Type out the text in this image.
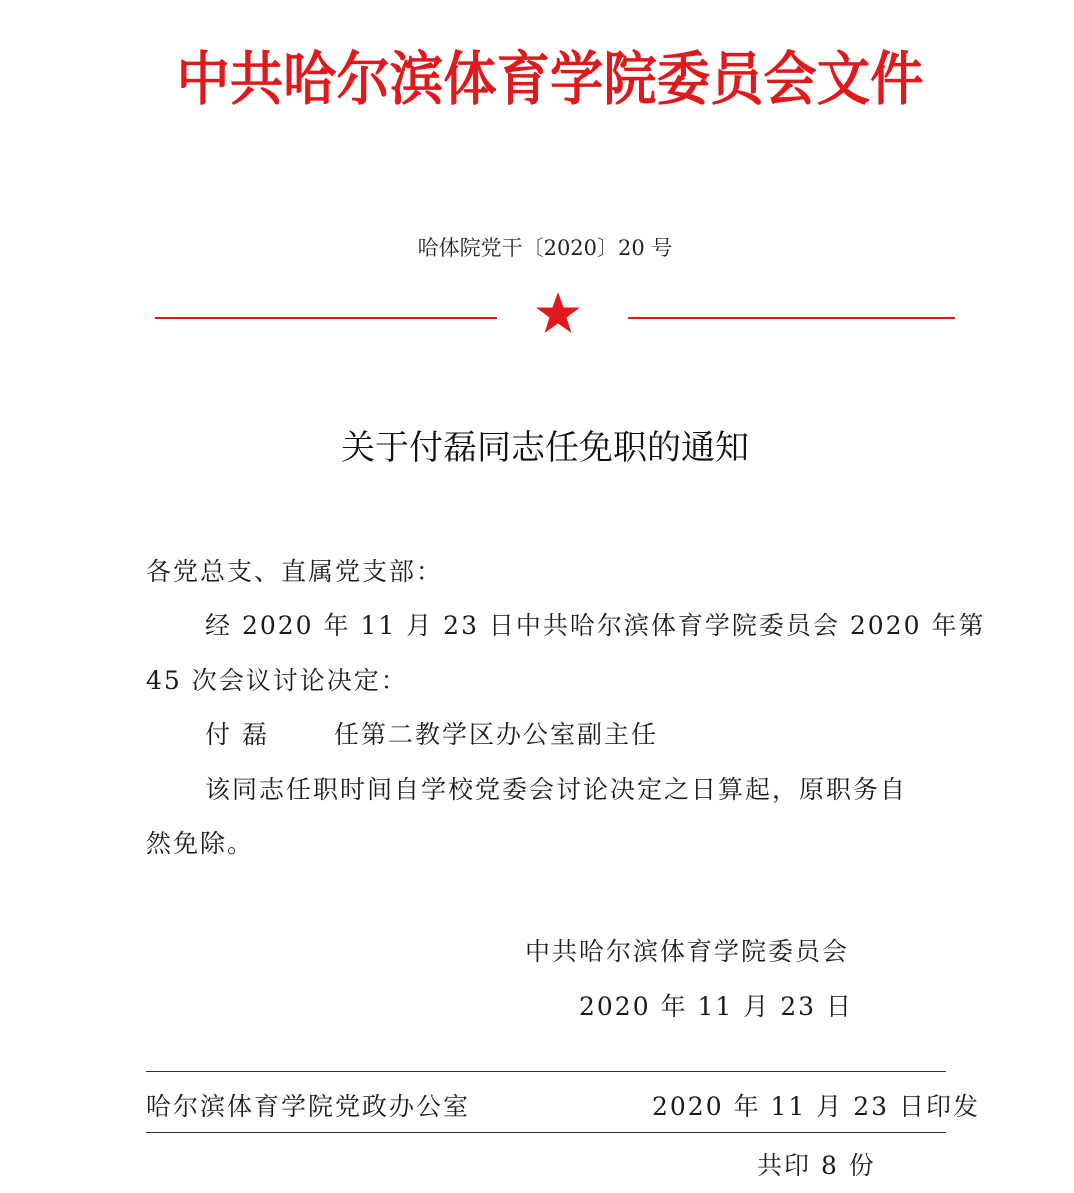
中共哈尔滨体育学院委员会文件
哈体院党干〔2020〕20 号
关于付磊同志任免职的通知
各党总支、直属党支部：
经 2020 年 11 月 23 日中共哈尔滨体育学院委员会 2020 年第
45 次会议讨论决定：
付 磊	任第二教学区办公室副主任
该同志任职时间自学校党委会讨论决定之日算起，原职务自
然免除。
中共哈尔滨体育学院委员会
2020 年 11 月 23 日
哈尔滨体育学院党政办公室	2020 年 11 月 23 日印发
共印 8 份
